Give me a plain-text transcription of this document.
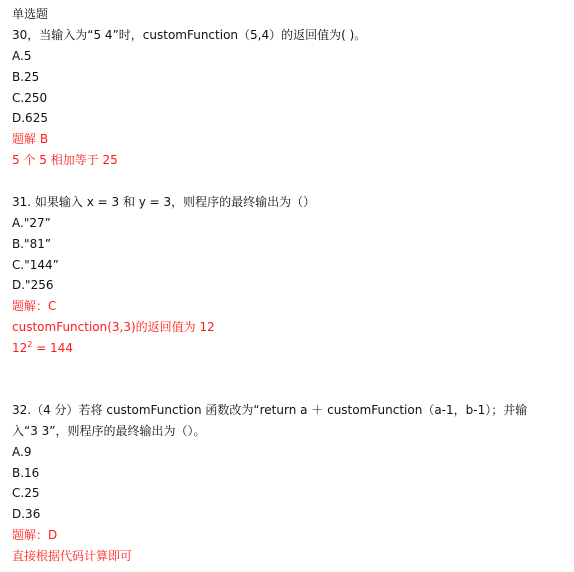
单选题
30，当输入为“5 4”时，customFunction（5,4）的返回值为( )。
A.5
B.25
C.250
D.625
题解 B
5 个 5 相加等于 25
31. 如果输入 x = 3 和 y = 3，则程序的最终输出为（）
A."27”
B."81”
C."144”
D."256
题解：C
customFunction(3,3)的返回值为 12
$12^2 = 144$
32.（4 分）若将 customFunction 函数改为“return a ＋ customFunction（a-1，b-1）；并输
入“3 3”，则程序的最终输出为（）。
A.9
B.16
C.25
D.36
题解：D
直接根据代码计算即可
